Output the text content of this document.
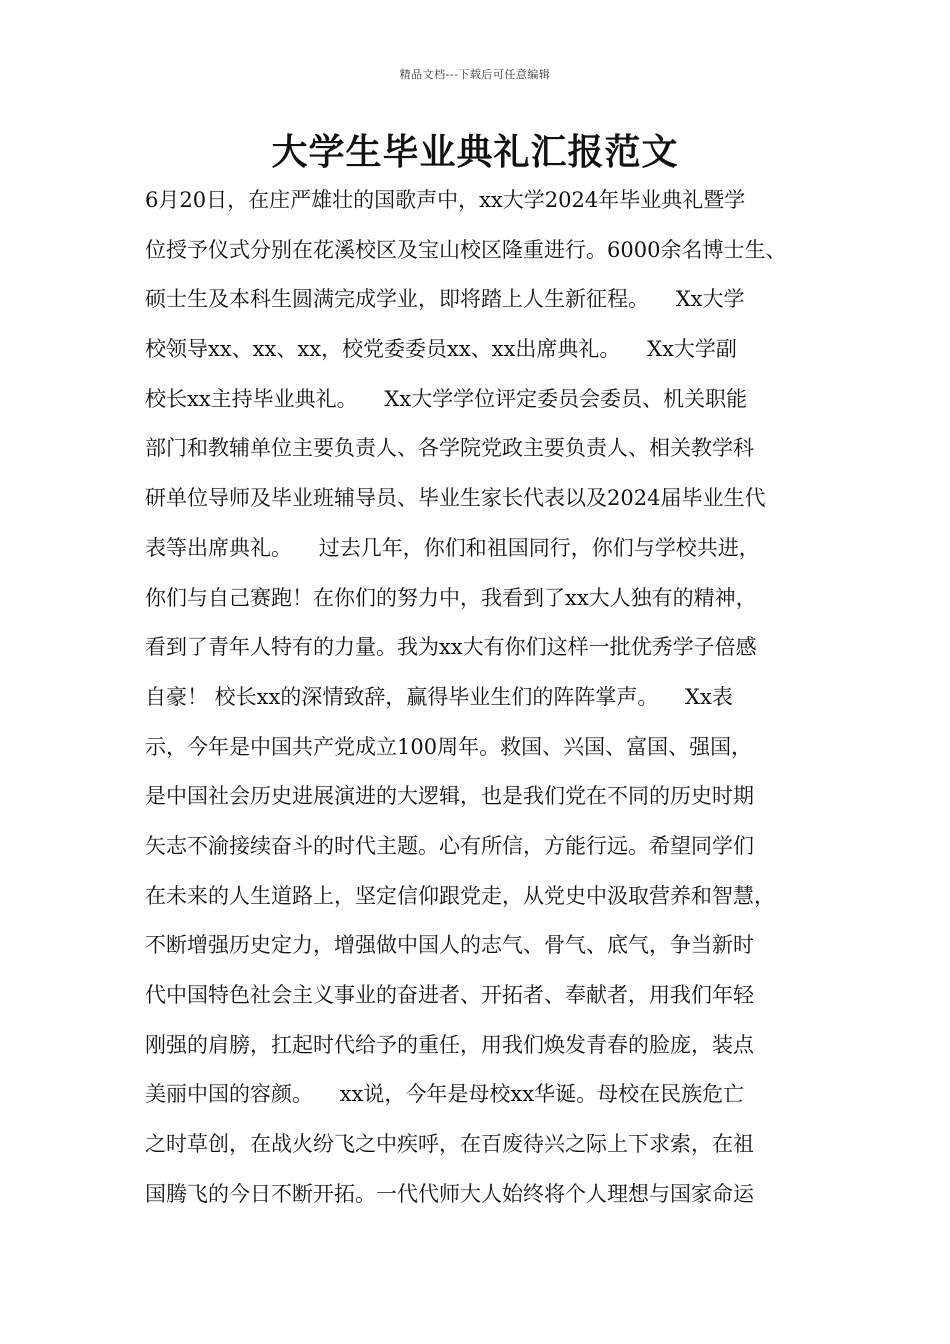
精品文档---下载后可任意编辑
大学生毕业典礼汇报范文
6月20日，在庄严雄壮的国歌声中，xx大学2024年毕业典礼暨学
位授予仪式分别在花溪校区及宝山校区隆重进行。6000余名博士生、
硕士生及本科生圆满完成学业，即将踏上人生新征程。    Xx大学
校领导xx、xx、xx，校党委委员xx、xx出席典礼。    Xx大学副
校长xx主持毕业典礼。    Xx大学学位评定委员会委员、机关职能
部门和教辅单位主要负责人、各学院党政主要负责人、相关教学科
研单位导师及毕业班辅导员、毕业生家长代表以及2024届毕业生代
表等出席典礼。    过去几年，你们和祖国同行，你们与学校共进，
你们与自己赛跑！在你们的努力中，我看到了xx大人独有的精神，
看到了青年人特有的力量。我为xx大有你们这样一批优秀学子倍感
自豪！ 校长xx的深情致辞，赢得毕业生们的阵阵掌声。    Xx表
示，今年是中国共产党成立100周年。救国、兴国、富国、强国，
是中国社会历史进展演进的大逻辑，也是我们党在不同的历史时期
矢志不渝接续奋斗的时代主题。心有所信，方能行远。希望同学们
在未来的人生道路上，坚定信仰跟党走，从党史中汲取营养和智慧，
不断增强历史定力，增强做中国人的志气、骨气、底气，争当新时
代中国特色社会主义事业的奋进者、开拓者、奉献者，用我们年轻
刚强的肩膀，扛起时代给予的重任，用我们焕发青春的脸庞，装点
美丽中国的容颜。    xx说，今年是母校xx华诞。母校在民族危亡
之时草创，在战火纷飞之中疾呼，在百废待兴之际上下求索，在祖
国腾飞的今日不断开拓。一代代师大人始终将个人理想与国家命运
